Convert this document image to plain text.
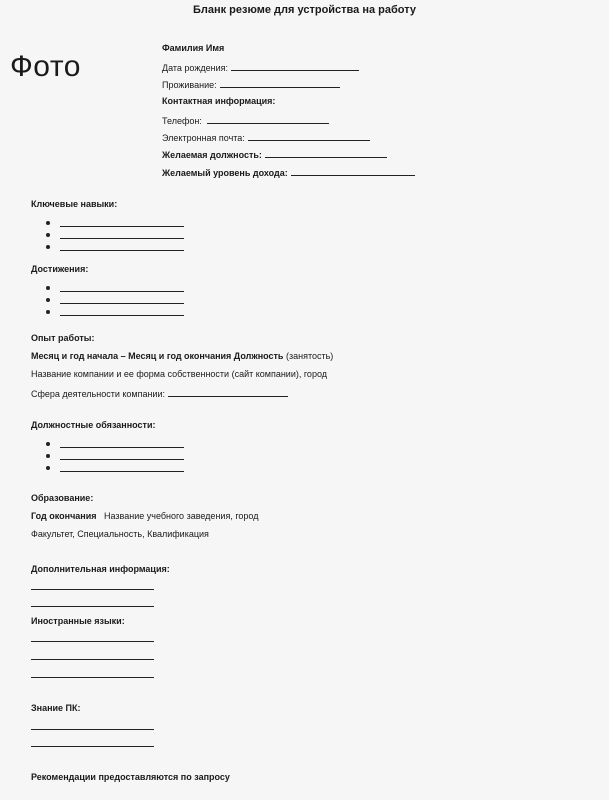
Бланк резюме для устройства на работу
Фото
Фамилия Имя
Дата рождения:
Проживание:
Контактная информация:
Телефон:
Электронная почта:
Желаемая должность:
Желаемый уровень дохода:
Ключевые навыки:
Достижения:
Опыт работы:
Месяц и год начала – Месяц и год окончания Должность (занятость)
Название компании и ее форма собственности (сайт компании), город
Сфера деятельности компании:
Должностные обязанности:
Образование:
Год окончания Название учебного заведения, город
Факультет, Специальность, Квалификация
Дополнительная информация:
Иностранные языки:
Знание ПК:
Рекомендации предоставляются по запросу
